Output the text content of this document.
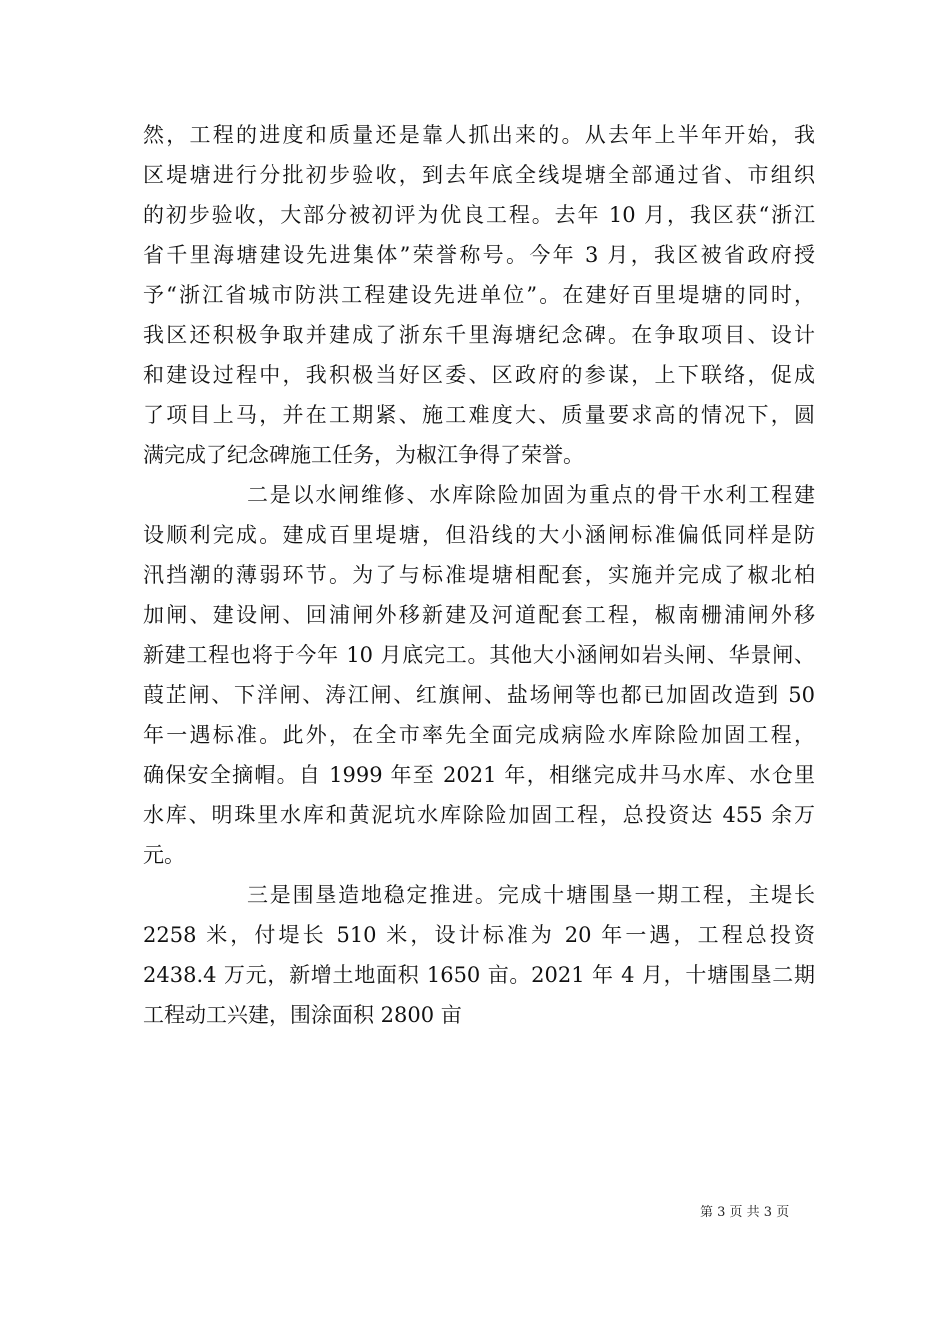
然，工程的进度和质量还是靠人抓出来的。从去年上半年开始，我
区堤塘进行分批初步验收，到去年底全线堤塘全部通过省、市组织
的初步验收，大部分被初评为优良工程。去年 10 月，我区获“浙江
省千里海塘建设先进集体”荣誉称号。今年 3 月，我区被省政府授
予“浙江省城市防洪工程建设先进单位”。在建好百里堤塘的同时，
我区还积极争取并建成了浙东千里海塘纪念碑。在争取项目、设计
和建设过程中，我积极当好区委、区政府的参谋，上下联络，促成
了项目上马，并在工期紧、施工难度大、质量要求高的情况下，圆
满完成了纪念碑施工任务，为椒江争得了荣誉。
二是以水闸维修、水库除险加固为重点的骨干水利工程建
设顺利完成。建成百里堤塘，但沿线的大小涵闸标准偏低同样是防
汛挡潮的薄弱环节。为了与标准堤塘相配套，实施并完成了椒北柏
加闸、建设闸、回浦闸外移新建及河道配套工程，椒南栅浦闸外移
新建工程也将于今年 10 月底完工。其他大小涵闸如岩头闸、华景闸、
葭芷闸、下洋闸、涛江闸、红旗闸、盐场闸等也都已加固改造到 50
年一遇标准。此外，在全市率先全面完成病险水库除险加固工程，
确保安全摘帽。自 1999 年至 2021 年，相继完成井马水库、水仓里
水库、明珠里水库和黄泥坑水库除险加固工程，总投资达 455 余万
元。
三是围垦造地稳定推进。完成十塘围垦一期工程，主堤长
2258 米，付堤长 510 米，设计标准为 20 年一遇，工程总投资
2438.4 万元，新增土地面积 1650 亩。2021 年 4 月，十塘围垦二期
工程动工兴建，围涂面积 2800 亩
第 3 页 共 3 页
